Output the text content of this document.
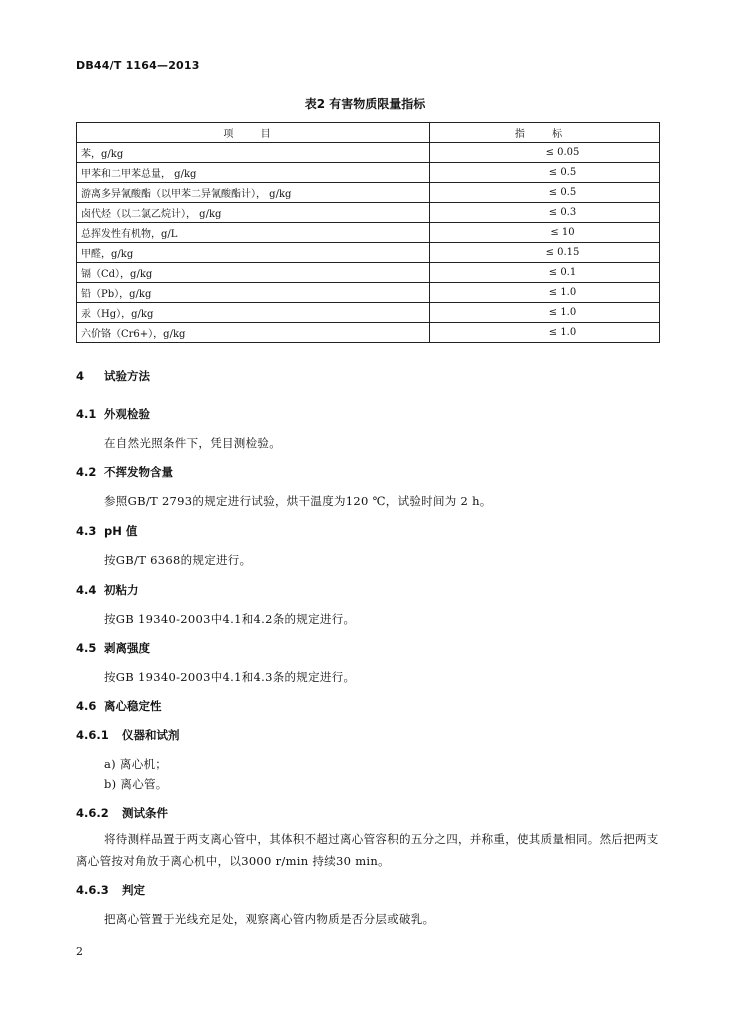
DB44/T 1164—2013
表2 有害物质限量指标
项 目	指 标
苯，g/kg	≤ 0.05
甲苯和二甲苯总量， g/kg	≤ 0.5
游离多异氰酸酯（以甲苯二异氰酸酯计）， g/kg	≤ 0.5
卤代烃（以二氯乙烷计）， g/kg	≤ 0.3
总挥发性有机物，g/L	≤ 10
甲醛，g/kg	≤ 0.15
镉（Cd），g/kg	≤ 0.1
铅（Pb），g/kg	≤ 1.0
汞（Hg），g/kg	≤ 1.0
六价铬（Cr6+），g/kg	≤ 1.0
4 试验方法
4.1 外观检验
在自然光照条件下，凭目测检验。
4.2 不挥发物含量
参照GB/T 2793的规定进行试验，烘干温度为120 ℃，试验时间为 2 h。
4.3 pH 值
按GB/T 6368的规定进行。
4.4 初粘力
按GB 19340-2003中4.1和4.2条的规定进行。
4.5 剥离强度
按GB 19340-2003中4.1和4.3条的规定进行。
4.6 离心稳定性
4.6.1 仪器和试剂
a) 离心机；
b) 离心管。
4.6.2 测试条件
将待测样品置于两支离心管中，其体积不超过离心管容积的五分之四，并称重，使其质量相同。然后把两支离心管按对角放于离心机中，以3000 r/min 持续30 min。
4.6.3 判定
把离心管置于光线充足处，观察离心管内物质是否分层或破乳。
2
